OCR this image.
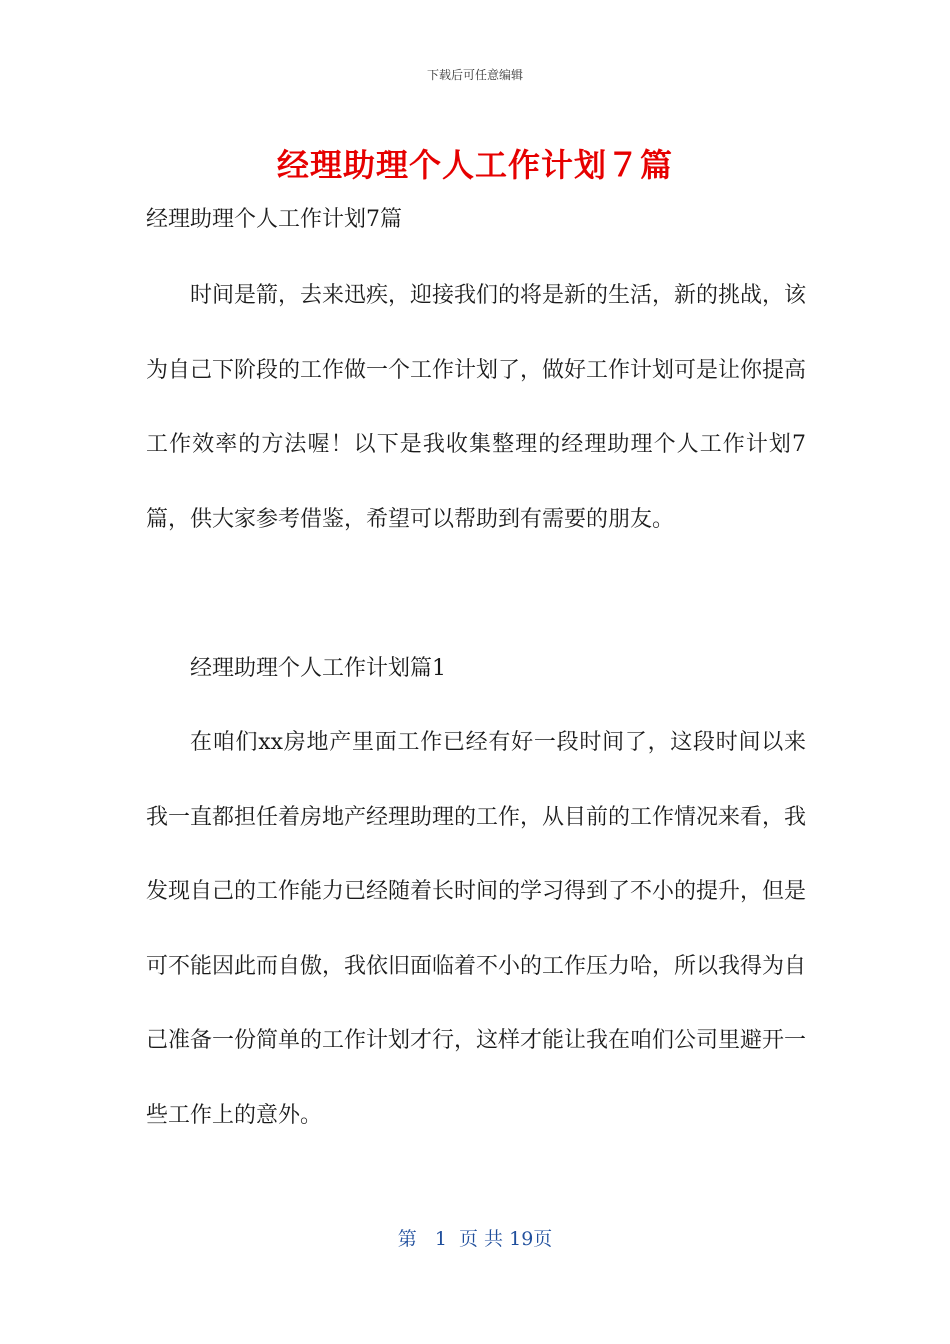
下载后可任意编辑
经理助理个人工作计划７篇
经理助理个人工作计划7篇

时间是箭，去来迅疾，迎接我们的将是新的生活，新的挑战，该为自己下阶段的工作做一个工作计划了，做好工作计划可是让你提高工作效率的方法喔！以下是我收集整理的经理助理个人工作计划7篇，供大家参考借鉴，希望可以帮助到有需要的朋友。

经理助理个人工作计划篇1

在咱们xx房地产里面工作已经有好一段时间了，这段时间以来我一直都担任着房地产经理助理的工作，从目前的工作情况来看，我发现自己的工作能力已经随着长时间的学习得到了不小的提升，但是可不能因此而自傲，我依旧面临着不小的工作压力哈，所以我得为自己准备一份简单的工作计划才行，这样才能让我在咱们公司里避开一些工作上的意外。

第 1 页 共 19页
